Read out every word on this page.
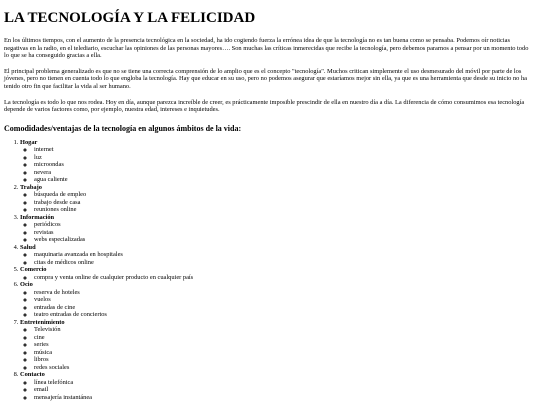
LA TECNOLOGÍA Y LA FELICIDAD

En los últimos tiempos, con el aumento de la presencia tecnológica en la sociedad, ha ido cogiendo fuerza la errónea idea de que la tecnología no es tan buena como se pensaba. Podemos oír noticias negativas en la radio, en el telediario, escuchar las opiniones de las personas mayores…. Son muchas las críticas inmerecidas que recibe la tecnología, pero debemos pararnos a pensar por un momento todo lo que se ha conseguido gracias a ella.

El principal problema generalizado es que no se tiene una correcta comprensión de lo amplio que es el concepto "tecnología". Muchos critican simplemente el uso desmesurado del móvil por parte de los jóvenes, pero no tienen en cuenta todo lo que engloba la tecnología. Hay que educar en su uso, pero no podemos asegurar que estaríamos mejor sin ella, ya que es una herramienta que desde su inicio no ha tenido otro fin que facilitar la vida al ser humano.

La tecnología es todo lo que nos rodea. Hoy en día, aunque parezca increíble de creer, es prácticamente imposible prescindir de ella en nuestro día a día. La diferencia de cómo consumimos esa tecnología depende de varios factores como, por ejemplo, nuestra edad, intereses e inquietudes.

Comodidades/ventajas de la tecnología en algunos ámbitos de la vida:
1. Hogar
◦ internet
◦ luz
◦ microondas
◦ nevera
◦ agua caliente
2. Trabajo
◦ búsqueda de empleo
◦ trabajo desde casa
◦ reuniones online
3. Información
◦ periódicos
◦ revistas
◦ webs especializadas
4. Salud
◦ maquinaria avanzada en hospitales
◦ citas de médicos online
5. Comercio
◦ compra y venta online de cualquier producto en cualquier país
6. Ocio
◦ reserva de hoteles
◦ vuelos
◦ entradas de cine
◦ teatro entradas de conciertos
7. Entretenimiento
◦ Televisión
◦ cine
◦ series
◦ música
◦ libros
◦ redes sociales
8. Contacto
◦ línea telefónica
◦ email
◦ mensajería instantánea
